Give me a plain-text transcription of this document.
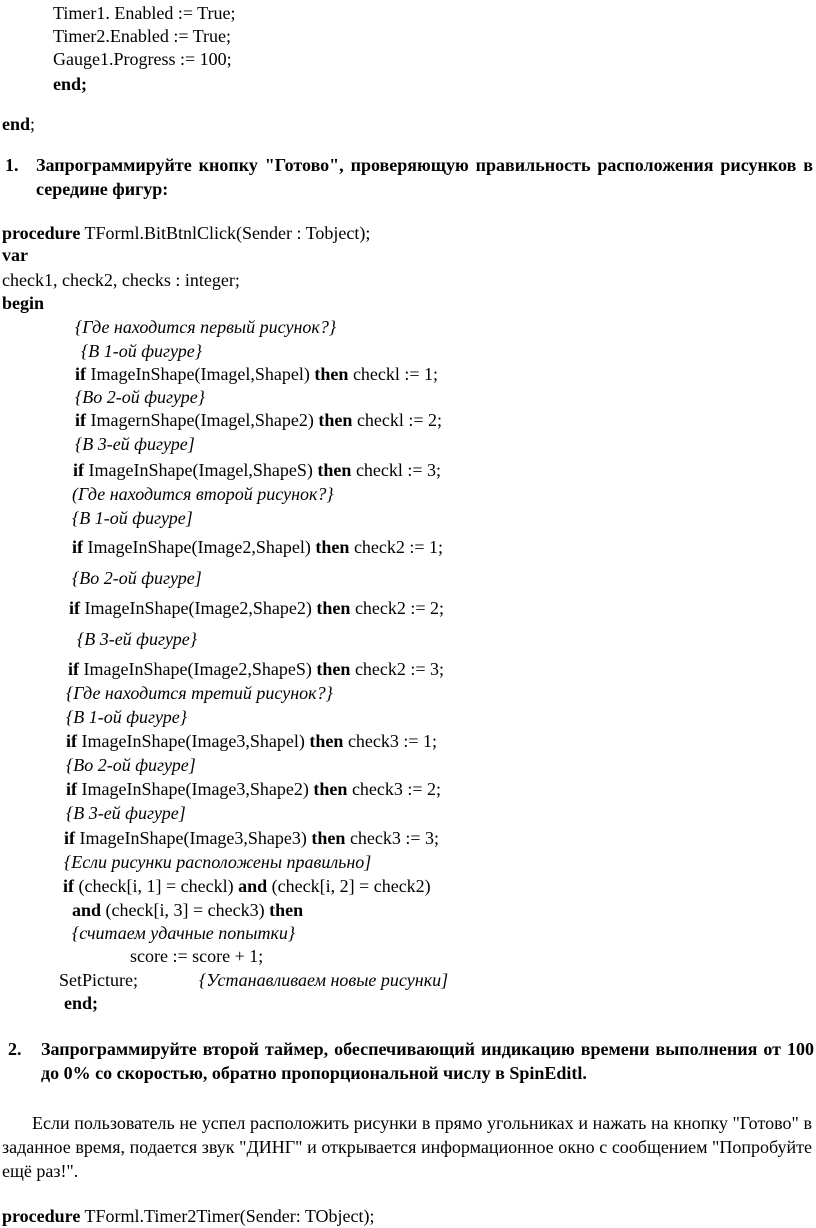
Timer1. Enabled := True;
Timer2.Enabled := True;
Gauge1.Progress := 100;
end;
end;
1. Запрограммируйте кнопку "Готово", проверяющую правильность расположения рисунков в середине фигур:
procedure TForml.BitBtnlClick(Sender : Tobject);
var
check1, check2, checks : integer;
begin
{Где находится первый рисунок?}
{В 1-ой фигуре}
if ImageInShape(Imagel,Shapel) then checkl := 1;
{Во 2-ой фигуре}
if ImagernShape(Imagel,Shape2) then checkl := 2;
{В 3-ей фигуре]
if ImageInShape(Imagel,ShapeS) then checkl := 3;
(Где находится второй рисунок?}
{В 1-ой фигуре]
if ImageInShape(Image2,Shapel) then check2 := 1;
{Во 2-ой фигуре]
if ImageInShape(Image2,Shape2) then check2 := 2;
{В 3-ей фигуре}
if ImageInShape(Image2,ShapeS) then check2 := 3;
{Где находится третий рисунок?}
{В 1-ой фигуре}
if ImageInShape(Image3,Shapel) then check3 := 1;
{Во 2-ой фигуре]
if ImageInShape(Image3,Shape2) then check3 := 2;
{В 3-ей фигуре]
if ImageInShape(Image3,Shape3) then check3 := 3;
{Если рисунки расположены правильно]
if (check[i, 1] = checkl) and (check[i, 2] = check2)
and (check[i, 3] = check3) then
{считаем удачные попытки}
score := score + 1;
SetPicture;	{Устанавливаем новые рисунки]
end;
2. Запрограммируйте второй таймер, обеспечивающий индикацию времени выполнения от 100 до 0% со скоростью, обратно пропорциональной числу в SpinEditl.
Если пользователь не успел расположить рисунки в прямо угольниках и нажать на кнопку "Готово" в заданное время, подается звук "ДИНГ" и открывается информационное окно с сообщением "Попробуйте ещё раз!".
procedure TForml.Timer2Timer(Sender: TObject);
